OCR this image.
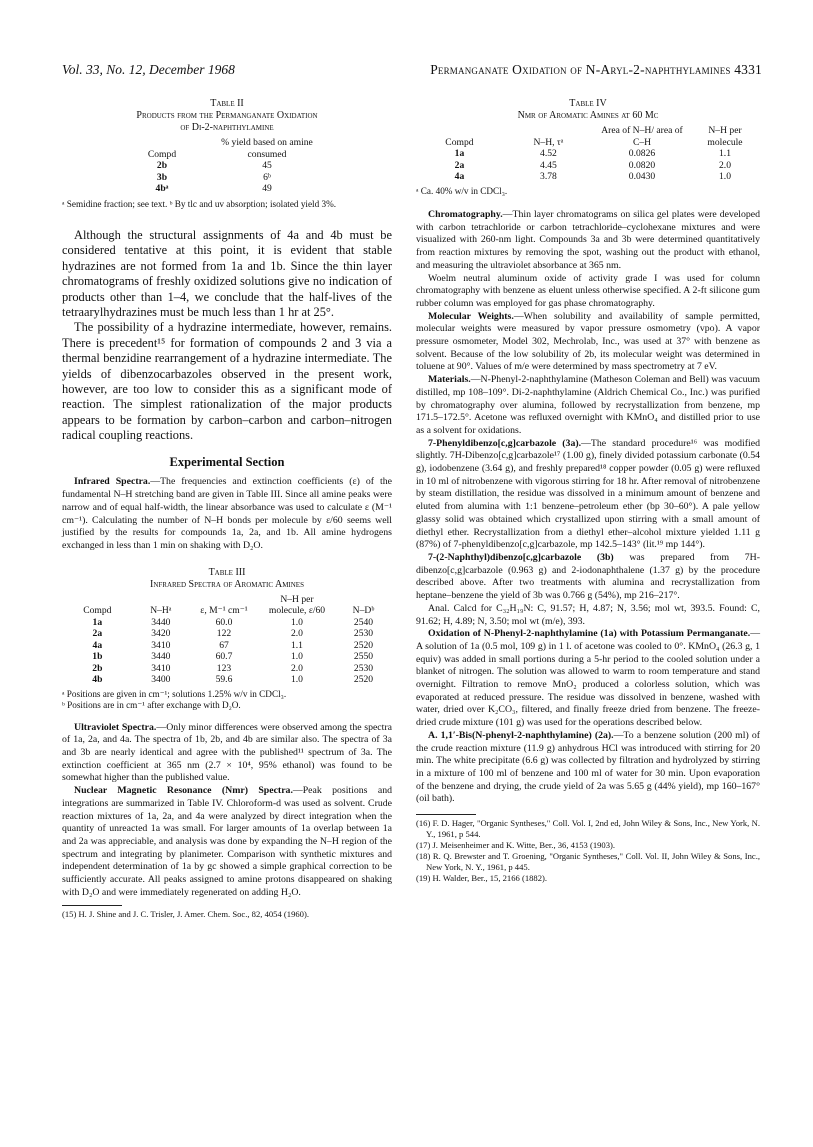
Vol. 33, No. 12, December 1968	Permanganate Oxidation of N-Aryl-2-naphthylamines 4331
Table II
Products from the Permanganate Oxidation
of Di-2-naphthylamine
Compd	% yield based on amine consumed
2b	45
3b	6ᵇ
4bᵃ	49
ᵃ Semidine fraction; see text. ᵇ By tlc and uv absorption; isolated yield 3%.

Although the structural assignments of 4a and 4b must be considered tentative at this point, it is evident that stable hydrazines are not formed from 1a and 1b. Since the thin layer chromatograms of freshly oxidized solutions give no indication of products other than 1–4, we conclude that the half-lives of the tetraarylhydrazines must be much less than 1 hr at 25°.

The possibility of a hydrazine intermediate, however, remains. There is precedent¹⁵ for formation of compounds 2 and 3 via a thermal benzidine rearrangement of a hydrazine intermediate. The yields of dibenzocarbazoles observed in the present work, however, are too low to consider this as a significant mode of reaction. The simplest rationalization of the major products appears to be formation by carbon–carbon and carbon–nitrogen radical coupling reactions.

Experimental Section

Infrared Spectra.—The frequencies and extinction coefficients (ε) of the fundamental N–H stretching band are given in Table III. Since all amine peaks were narrow and of equal half-width, the linear absorbance was used to calculate ε (M⁻¹ cm⁻¹). Calculating the number of N–H bonds per molecule by ε/60 seems well justified by the results for compounds 1a, 2a, and 1b. All amine hydrogens exchanged in less than 1 min on shaking with D₂O.

Table III
Infrared Spectra of Aromatic Amines
Compd	N–Hᵃ	ε, M⁻¹ cm⁻¹	N–H per molecule, ε/60	N–Dᵇ
1a	3440	60.0	1.0	2540
2a	3420	122	2.0	2530
4a	3410	67	1.1	2520
1b	3440	60.7	1.0	2550
2b	3410	123	2.0	2530
4b	3400	59.6	1.0	2520
ᵃ Positions are given in cm⁻¹; solutions 1.25% w/v in CDCl₃.
ᵇ Positions are in cm⁻¹ after exchange with D₂O.

Ultraviolet Spectra.—Only minor differences were observed among the spectra of 1a, 2a, and 4a. The spectra of 1b, 2b, and 4b are similar also. The spectra of 3a and 3b are nearly identical and agree with the published¹¹ spectrum of 3a. The extinction coefficient at 365 nm (2.7 × 10⁴, 95% ethanol) was found to be somewhat higher than the published value.

Nuclear Magnetic Resonance (Nmr) Spectra.—Peak positions and integrations are summarized in Table IV. Chloroform-d was used as solvent. Crude reaction mixtures of 1a, 2a, and 4a were analyzed by direct integration when the quantity of unreacted 1a was small. For larger amounts of 1a overlap between 1a and 2a was appreciable, and analysis was done by expanding the N–H region of the spectrum and integrating by planimeter. Comparison with synthetic mixtures and independent determination of 1a by gc showed a simple graphical correction to be sufficiently accurate. All peaks assigned to amine protons disappeared on shaking with D₂O and were immediately regenerated on adding H₂O.

(15) H. J. Shine and J. C. Trisler, J. Amer. Chem. Soc., 82, 4054 (1960).
Table IV
Nmr of Aromatic Amines at 60 Mc
Compd	N–H, τᵃ	Area of N–H/ area of C–H	N–H per molecule
1a	4.52	0.0826	1.1
2a	4.45	0.0820	2.0
4a	3.78	0.0430	1.0
ᵃ Ca. 40% w/v in CDCl₃.

Chromatography.—Thin layer chromatograms on silica gel plates were developed with carbon tetrachloride or carbon tetrachloride–cyclohexane mixtures and were visualized with 260-nm light. Compounds 3a and 3b were determined quantitatively from reaction mixtures by removing the spot, washing out the product with ethanol, and measuring the ultraviolet absorbance at 365 nm.

Woelm neutral aluminum oxide of activity grade I was used for column chromatography with benzene as eluent unless otherwise specified. A 2-ft silicone gum rubber column was employed for gas phase chromatography.

Molecular Weights.—When solubility and availability of sample permitted, molecular weights were measured by vapor pressure osmometry (vpo). A vapor pressure osmometer, Model 302, Mechrolab, Inc., was used at 37° with benzene as solvent. Because of the low solubility of 2b, its molecular weight was determined in toluene at 90°. Values of m/e were determined by mass spectrometry at 7 eV.

Materials.—N-Phenyl-2-naphthylamine (Matheson Coleman and Bell) was vacuum distilled, mp 108–109°. Di-2-naphthylamine (Aldrich Chemical Co., Inc.) was purified by chromatography over alumina, followed by recrystallization from benzene, mp 171.5–172.5°. Acetone was refluxed overnight with KMnO₄ and distilled prior to use as a solvent for oxidations.

7-Phenyldibenzo[c,g]carbazole (3a).—The standard procedure¹⁶ was modified slightly. 7H-Dibenzo[c,g]carbazole¹⁷ (1.00 g), finely divided potassium carbonate (0.54 g), iodobenzene (3.64 g), and freshly prepared¹⁸ copper powder (0.05 g) were refluxed in 10 ml of nitrobenzene with vigorous stirring for 18 hr. After removal of nitrobenzene by steam distillation, the residue was dissolved in a minimum amount of benzene and eluted from alumina with 1:1 benzene–petroleum ether (bp 30–60°). A pale yellow glassy solid was obtained which crystallized upon stirring with a small amount of diethyl ether. Recrystallization from a diethyl ether–alcohol mixture yielded 1.11 g (87%) of 7-phenyldibenzo[c,g]carbazole, mp 142.5–143° (lit.¹⁹ mp 144°).

7-(2-Naphthyl)dibenzo[c,g]carbazole (3b) was prepared from 7H-dibenzo[c,g]carbazole (0.963 g) and 2-iodonaphthalene (1.37 g) by the procedure described above. After two treatments with alumina and recrystallization from heptane–benzene the yield of 3b was 0.766 g (54%), mp 216–217°.

Anal. Calcd for C₃₂H₁₉N: C, 91.57; H, 4.87; N, 3.56; mol wt, 393.5. Found: C, 91.62; H, 4.89; N, 3.50; mol wt (m/e), 393.

Oxidation of N-Phenyl-2-naphthylamine (1a) with Potassium Permanganate.—A solution of 1a (0.5 mol, 109 g) in 1 l. of acetone was cooled to 0°. KMnO₄ (26.3 g, 1 equiv) was added in small portions during a 5-hr period to the cooled solution under a blanket of nitrogen. The solution was allowed to warm to room temperature and stand overnight. Filtration to remove MnO₂ produced a colorless solution, which was evaporated at reduced pressure. The residue was dissolved in benzene, washed with water, dried over K₂CO₃, filtered, and finally freeze dried from benzene. The freeze-dried crude mixture (101 g) was used for the operations described below.

A. 1,1′-Bis(N-phenyl-2-naphthylamine) (2a).—To a benzene solution (200 ml) of the crude reaction mixture (11.9 g) anhydrous HCl was introduced with stirring for 20 min. The white precipitate (6.6 g) was collected by filtration and hydrolyzed by stirring in a mixture of 100 ml of benzene and 100 ml of water for 30 min. Upon evaporation of the benzene and drying, the crude yield of 2a was 5.65 g (44% yield), mp 160–167° (oil bath).

(16) F. D. Hager, "Organic Syntheses," Coll. Vol. I, 2nd ed, John Wiley & Sons, Inc., New York, N. Y., 1961, p 544.
(17) J. Meisenheimer and K. Witte, Ber., 36, 4153 (1903).
(18) R. Q. Brewster and T. Groening, "Organic Syntheses," Coll. Vol. II, John Wiley & Sons, Inc., New York, N. Y., 1961, p 445.
(19) H. Walder, Ber., 15, 2166 (1882).
